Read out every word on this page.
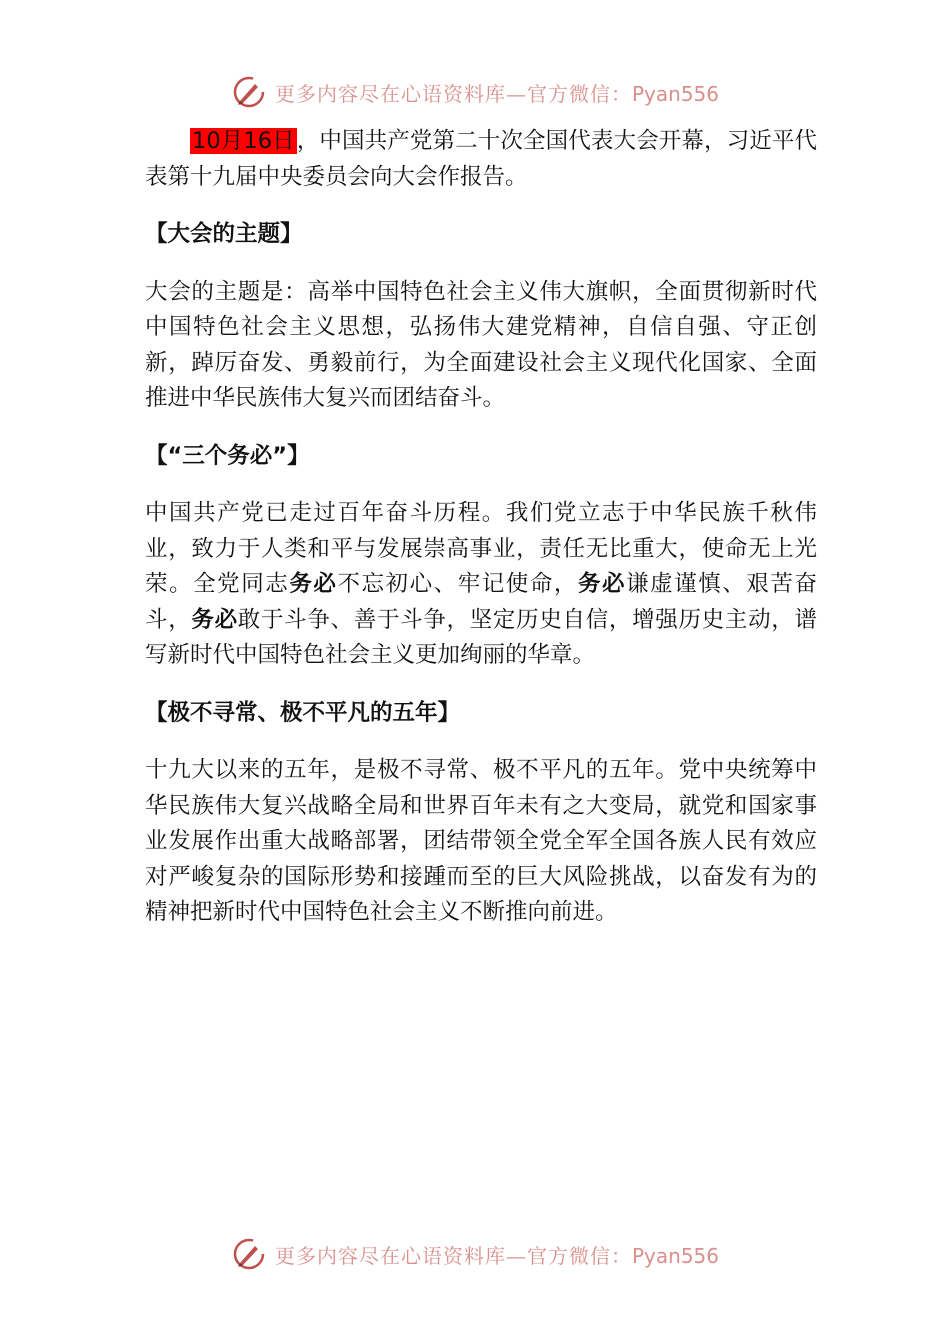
更多内容尽在心语资料库—官方微信：Pyan556

10月16日，中国共产党第二十次全国代表大会开幕，习近平代表第十九届中央委员会向大会作报告。

【大会的主题】

大会的主题是：高举中国特色社会主义伟大旗帜，全面贯彻新时代中国特色社会主义思想，弘扬伟大建党精神，自信自强、守正创新，踔厉奋发、勇毅前行，为全面建设社会主义现代化国家、全面推进中华民族伟大复兴而团结奋斗。

【“三个务必”】

中国共产党已走过百年奋斗历程。我们党立志于中华民族千秋伟业，致力于人类和平与发展崇高事业，责任无比重大，使命无上光荣。全党同志务必不忘初心、牢记使命，务必谦虚谨慎、艰苦奋斗，务必敢于斗争、善于斗争，坚定历史自信，增强历史主动，谱写新时代中国特色社会主义更加绚丽的华章。

【极不寻常、极不平凡的五年】

十九大以来的五年，是极不寻常、极不平凡的五年。党中央统筹中华民族伟大复兴战略全局和世界百年未有之大变局，就党和国家事业发展作出重大战略部署，团结带领全党全军全国各族人民有效应对严峻复杂的国际形势和接踵而至的巨大风险挑战，以奋发有为的精神把新时代中国特色社会主义不断推向前进。

更多内容尽在心语资料库—官方微信：Pyan556
